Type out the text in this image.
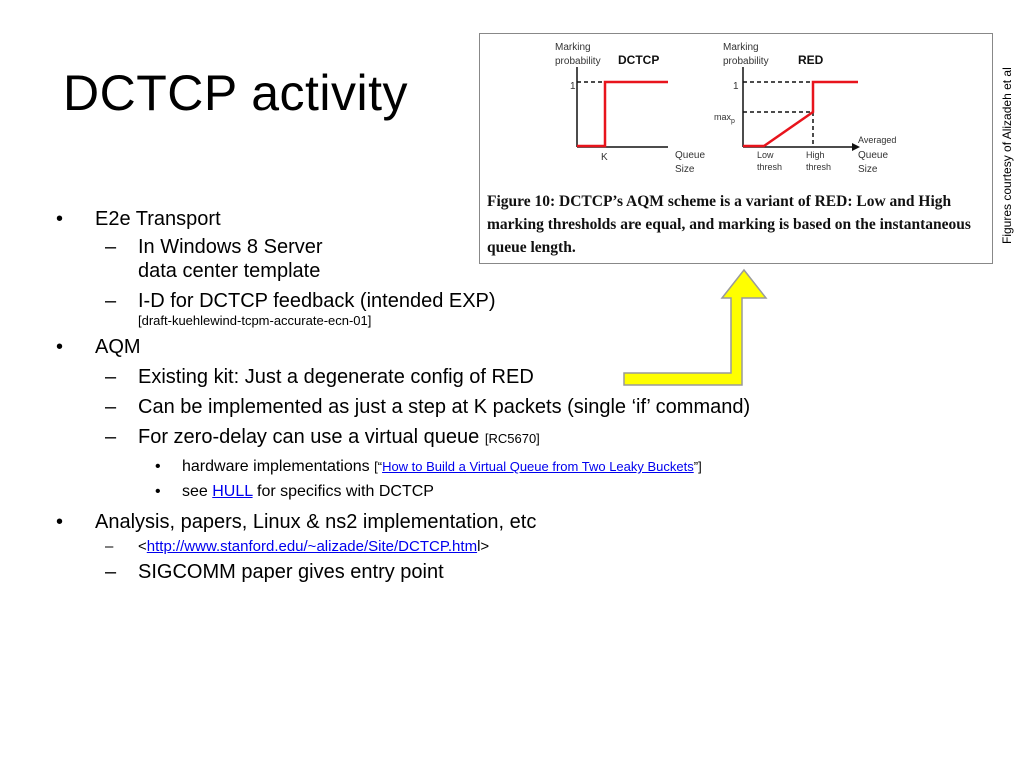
DCTCP activity
Marking
probability DCTCP
1
K	Queue
Size
Marking
probability RED
1
$\max_p$
Low
thresh
High
thresh
Averaged
Queue
Size
Figure 10: DCTCP’s AQM scheme is a variant of RED: Low and High marking thresholds are equal, and marking is based on the instantaneous queue length.
Figures courtesy of Alizadeh et al
• E2e Transport
– In Windows 8 Server
data center template
– I-D for DCTCP feedback (intended EXP)
[draft-kuehlewind-tcpm-accurate-ecn-01]
• AQM
– Existing kit: Just a degenerate config of RED
– Can be implemented as just a step at K packets (single ‘if’ command)
– For zero-delay can use a virtual queue [RC5670]
• hardware implementations [“How to Build a Virtual Queue from Two Leaky Buckets”]
• see HULL for specifics with DCTCP
• Analysis, papers, Linux & ns2 implementation, etc
– <http://www.stanford.edu/~alizade/Site/DCTCP.html>
– SIGCOMM paper gives entry point
